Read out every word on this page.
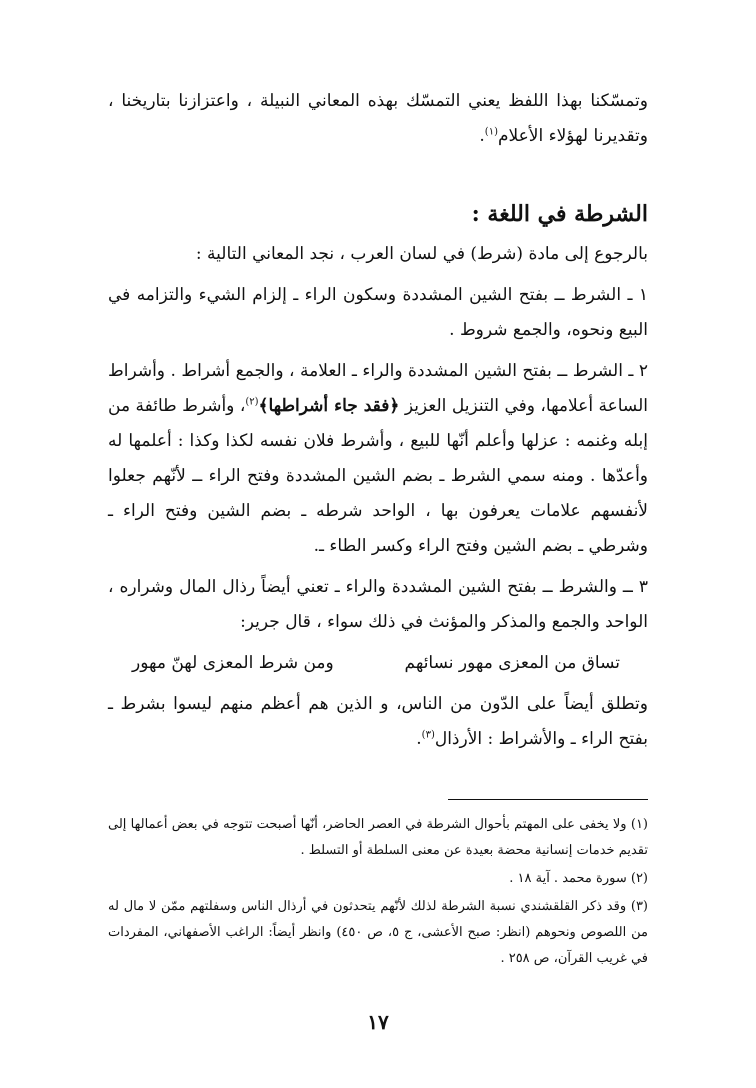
وتمسّكنا بهذا اللفظ يعني التمسّك بهذه المعاني النبيلة ، واعتزازنا بتاريخنا ، وتقديرنا لهؤلاء الأعلام$^{(١)}$.

الشرطة في اللغة :

بالرجوع إلى مادة (شرط) في لسان العرب ، نجد المعاني التالية :

١ ـ الشرط ــ بفتح الشين المشددة وسكون الراء ـ إلزام الشيء والتزامه في البيع ونحوه، والجمع شروط .

٢ ـ الشرط ــ بفتح الشين المشددة والراء ـ العلامة ، والجمع أشراط . وأشراط الساعة أعلامها، وفي التنزيل العزيز ﴿فقد جاء أشراطها﴾$^{(٢)}$، وأشرط طائفة من إبله وغنمه : عزلها وأعلم أنّها للبيع ، وأشرط فلان نفسه لكذا وكذا : أعلمها له وأعدّها . ومنه سمي الشرط ـ بضم الشين المشددة وفتح الراء ــ لأنّهم جعلوا لأنفسهم علامات يعرفون بها ، الواحد شرطه ـ بضم الشين وفتح الراء ـ وشرطي ـ بضم الشين وفتح الراء وكسر الطاء ـ.

٣ ــ والشرط ــ بفتح الشين المشددة والراء ـ تعني أيضاً رذال المال وشراره ، الواحد والجمع والمذكر والمؤنث في ذلك سواء ، قال جرير:

تساق من المعزى مهور نسائهم
ومن شرط المعزى لهنّ مهور

وتطلق أيضاً على الدّون من الناس، و الذين هم أعظم منهم ليسوا بشرط ـ بفتح الراء ـ والأشراط : الأرذال$^{(٣)}$.

(١) ولا يخفى على المهتم بأحوال الشرطة في العصر الحاضر، أنّها أصبحت تتوجه في بعض أعمالها إلى تقديم خدمات إنسانية محضة بعيدة عن معنى السلطة أو التسلط .

(٢) سورة محمد . آية ١٨ .

(٣) وقد ذكر القلقشندي نسبة الشرطة لذلك لأنّهم يتحدثون في أرذال الناس وسفلتهم ممّن لا مال له من اللصوص ونحوهم (انظر: صبح الأعشى، ج ٥، ص ٤٥٠) وانظر أيضاً: الراغب الأصفهاني، المفردات في غريب القرآن، ص ٢٥٨ .

١٧
